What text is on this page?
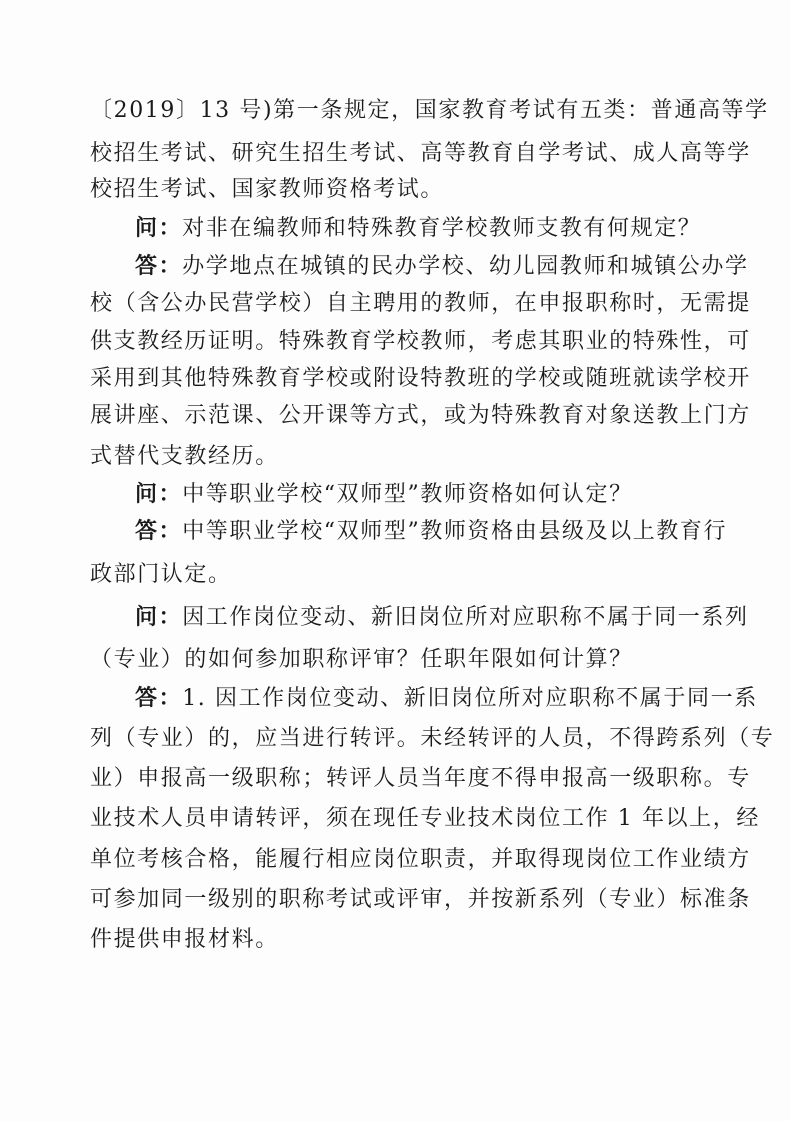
〔2019〕13 号)第一条规定，国家教育考试有五类：普通高等学
校招生考试、研究生招生考试、高等教育自学考试、成人高等学
校招生考试、国家教师资格考试。
问：对非在编教师和特殊教育学校教师支教有何规定？
答：办学地点在城镇的民办学校、幼儿园教师和城镇公办学
校（含公办民营学校）自主聘用的教师，在申报职称时，无需提
供支教经历证明。特殊教育学校教师，考虑其职业的特殊性，可
采用到其他特殊教育学校或附设特教班的学校或随班就读学校开
展讲座、示范课、公开课等方式，或为特殊教育对象送教上门方
式替代支教经历。
问：中等职业学校“双师型”教师资格如何认定？
答：中等职业学校“双师型”教师资格由县级及以上教育行
政部门认定。
问：因工作岗位变动、新旧岗位所对应职称不属于同一系列
（专业）的如何参加职称评审？任职年限如何计算？
答：1. 因工作岗位变动、新旧岗位所对应职称不属于同一系
列（专业）的，应当进行转评。未经转评的人员，不得跨系列（专
业）申报高一级职称；转评人员当年度不得申报高一级职称。专
业技术人员申请转评，须在现任专业技术岗位工作 1 年以上，经
单位考核合格，能履行相应岗位职责，并取得现岗位工作业绩方
可参加同一级别的职称考试或评审，并按新系列（专业）标准条
件提供申报材料。
